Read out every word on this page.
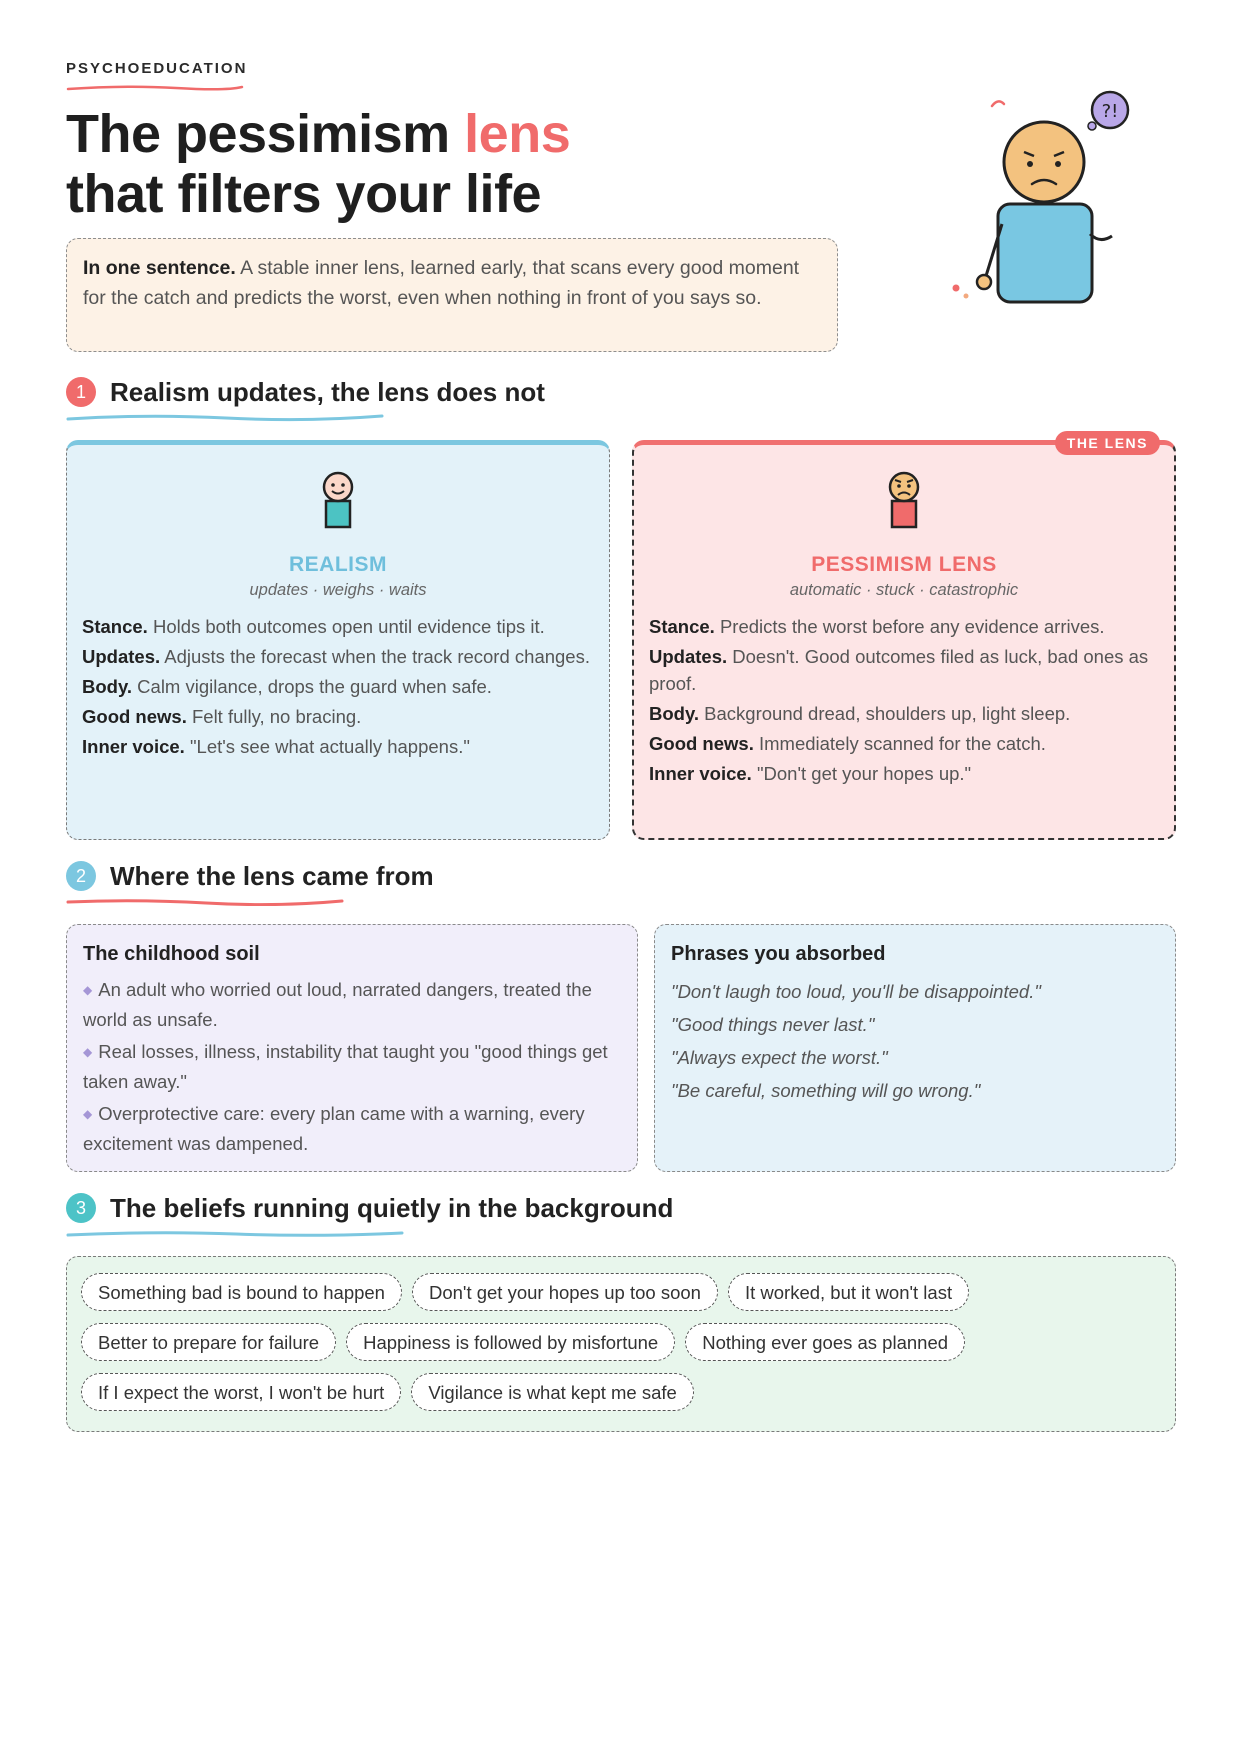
PSYCHOEDUCATION
The pessimism lens
that filters your life
In one sentence. A stable inner lens, learned early, that scans every good moment for the catch and predicts the worst, even when nothing in front of you says so.
?!
1 Realism updates, the lens does not
REALISM
updates · weighs · waits
Stance. Holds both outcomes open until evidence tips it.
Updates. Adjusts the forecast when the track record changes.
Body. Calm vigilance, drops the guard when safe.
Good news. Felt fully, no bracing.
Inner voice. "Let's see what actually happens."
THE LENS
PESSIMISM LENS
automatic · stuck · catastrophic
Stance. Predicts the worst before any evidence arrives.
Updates. Doesn't. Good outcomes filed as luck, bad ones as proof.
Body. Background dread, shoulders up, light sleep.
Good news. Immediately scanned for the catch.
Inner voice. "Don't get your hopes up."
2 Where the lens came from
The childhood soil
◆ An adult who worried out loud, narrated dangers, treated the world as unsafe.
◆ Real losses, illness, instability that taught you "good things get taken away."
◆ Overprotective care: every plan came with a warning, every excitement was dampened.
Phrases you absorbed
"Don't laugh too loud, you'll be disappointed."
"Good things never last."
"Always expect the worst."
"Be careful, something will go wrong."
3 The beliefs running quietly in the background
Something bad is bound to happen	Don't get your hopes up too soon	It worked, but it won't last
Better to prepare for failure	Happiness is followed by misfortune	Nothing ever goes as planned
If I expect the worst, I won't be hurt	Vigilance is what kept me safe
